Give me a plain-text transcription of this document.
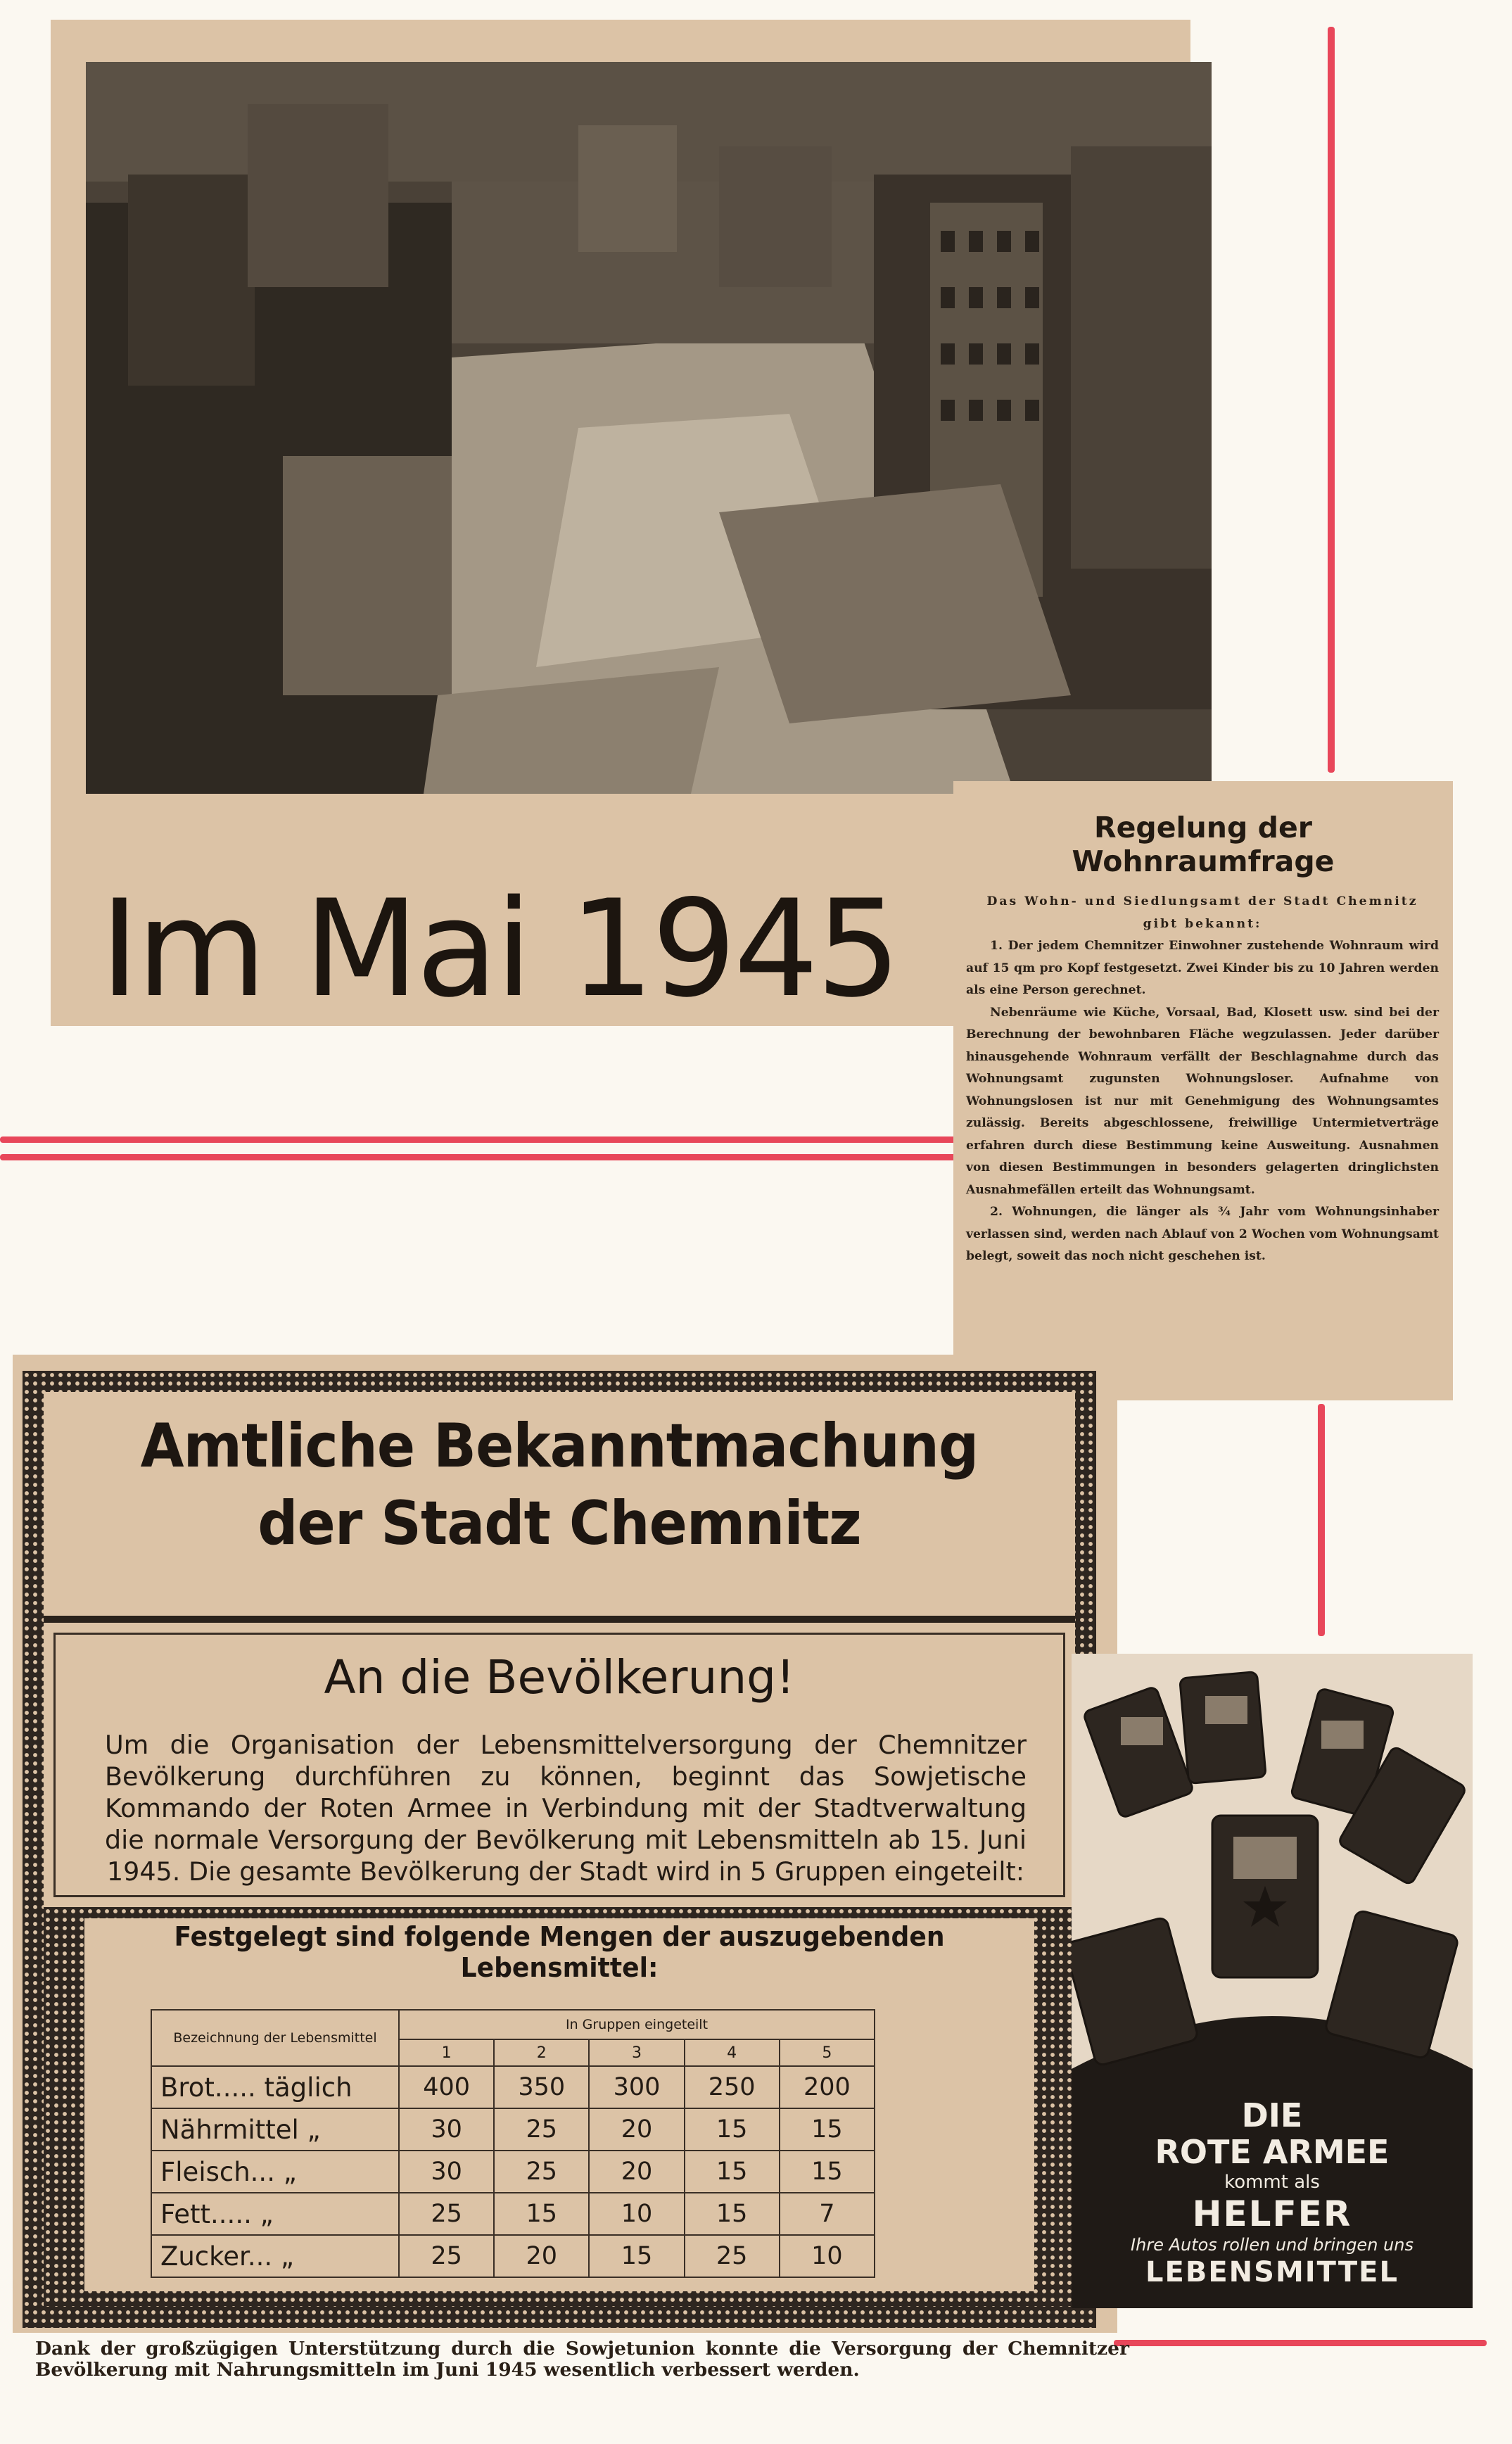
Im Mai 1945
Regelung der
Wohnraumfrage

Das Wohn- und Siedlungsamt der Stadt Chemnitz gibt bekannt:

1. Der jedem Chemnitzer Einwohner zustehende Wohnraum wird auf 15 qm pro Kopf festgesetzt. Zwei Kinder bis zu 10 Jahren werden als eine Person gerechnet.

Nebenräume wie Küche, Vorsaal, Bad, Klosett usw. sind bei der Berechnung der bewohnbaren Fläche wegzulassen. Jeder darüber hinausgehende Wohnraum verfällt der Beschlagnahme durch das Wohnungsamt zugunsten Wohnungsloser. Aufnahme von Wohnungslosen ist nur mit Genehmigung des Wohnungsamtes zulässig. Bereits abgeschlossene, freiwillige Untermietverträge erfahren durch diese Bestimmung keine Ausweitung. Ausnahmen von diesen Bestimmungen in besonders gelagerten dringlichsten Ausnahmefällen erteilt das Wohnungsamt.

2. Wohnungen, die länger als ¾ Jahr vom Wohnungsinhaber verlassen sind, werden nach Ablauf von 2 Wochen vom Wohnungsamt belegt, soweit das noch nicht geschehen ist.

Amtliche Bekanntmachung
der Stadt Chemnitz
An die Bevölkerung!
Um die Organisation der Lebensmittelversorgung der Chemnitzer Bevölkerung durchführen zu können, beginnt das Sowjetische Kommando der Roten Armee in Verbindung mit der Stadtverwaltung die normale Versorgung der Bevölkerung mit Lebensmitteln ab 15. Juni 1945. Die gesamte Bevölkerung der Stadt wird in 5 Gruppen eingeteilt:
Festgelegt sind folgende Mengen der auszugebenden Lebensmittel:
Bezeichnung der Lebensmittel	In Gruppen eingeteilt				
	1	2	3	4	5
Brot..... täglich	400	350	300	250	200
Nährmittel „	30	25	20	15	15
Fleisch... „	30	25	20	15	15
Fett..... „	25	15	10	15	7
Zucker... „	25	20	15	25	10
Dank der großzügigen Unterstützung durch die Sowjetunion konnte die Versorgung der Chemnitzer Bevölkerung mit Nahrungsmitteln im Juni 1945 wesentlich verbessert werden.
DIE
ROTE ARMEE
kommt als
HELFER
Ihre Autos rollen und bringen uns
LEBENSMITTEL
